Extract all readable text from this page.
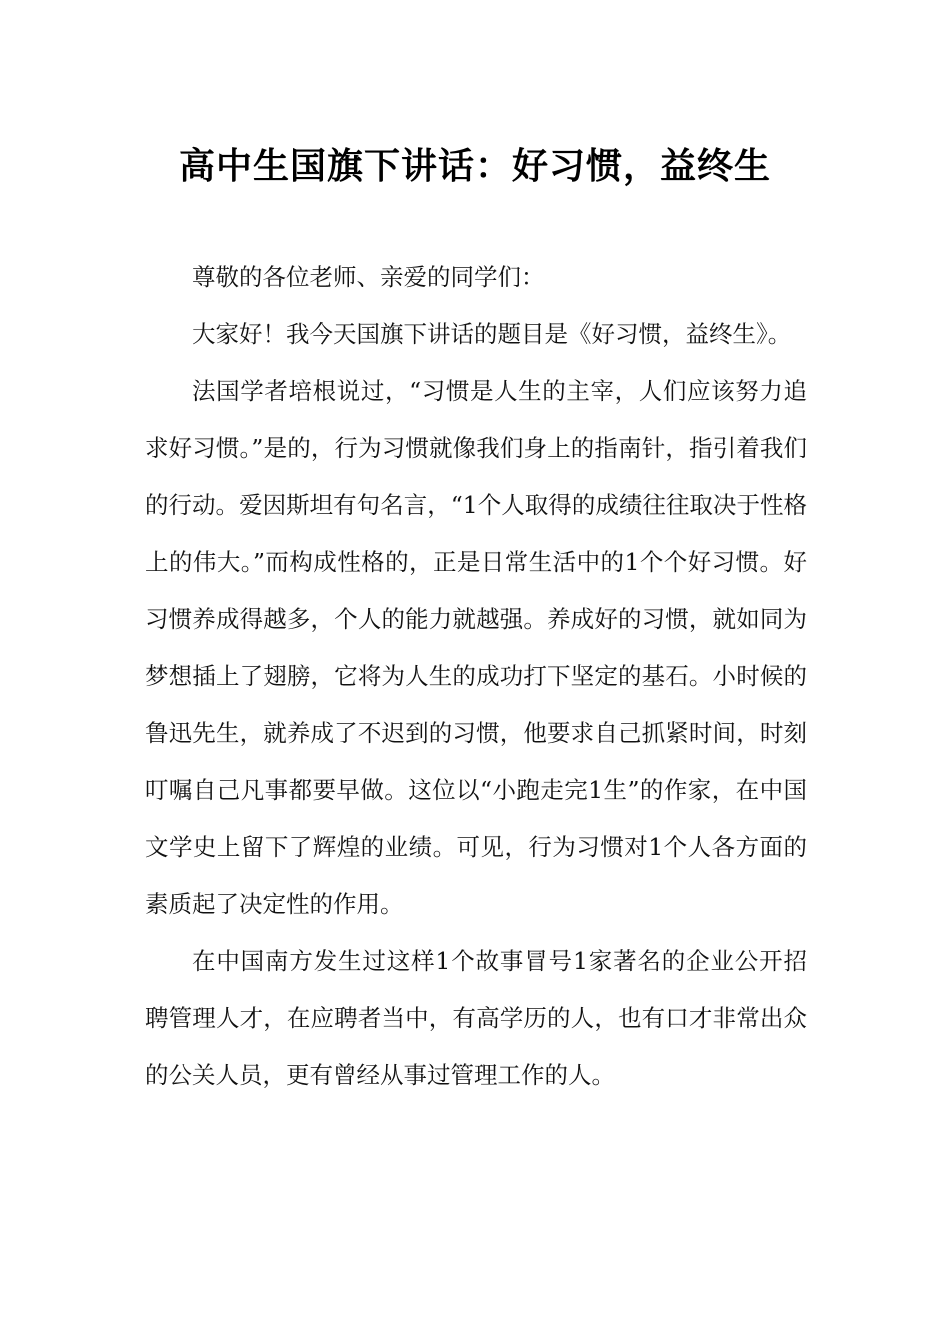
高中生国旗下讲话：好习惯，益终生

尊敬的各位老师、亲爱的同学们：

大家好！我今天国旗下讲话的题目是《好习惯，益终生》。

法国学者培根说过，“习惯是人生的主宰，人们应该努力追求好习惯。”是的，行为习惯就像我们身上的指南针，指引着我们的行动。爱因斯坦有句名言，“1个人取得的成绩往往取决于性格上的伟大。”而构成性格的，正是日常生活中的1个个好习惯。好习惯养成得越多，个人的能力就越强。养成好的习惯，就如同为梦想插上了翅膀，它将为人生的成功打下坚定的基石。小时候的鲁迅先生，就养成了不迟到的习惯，他要求自己抓紧时间，时刻叮嘱自己凡事都要早做。这位以“小跑走完1生”的作家，在中国文学史上留下了辉煌的业绩。可见，行为习惯对1个人各方面的素质起了决定性的作用。

在中国南方发生过这样1个故事冒号1家著名的企业公开招聘管理人才，在应聘者当中，有高学历的人，也有口才非常出众的公关人员，更有曾经从事过管理工作的人。
